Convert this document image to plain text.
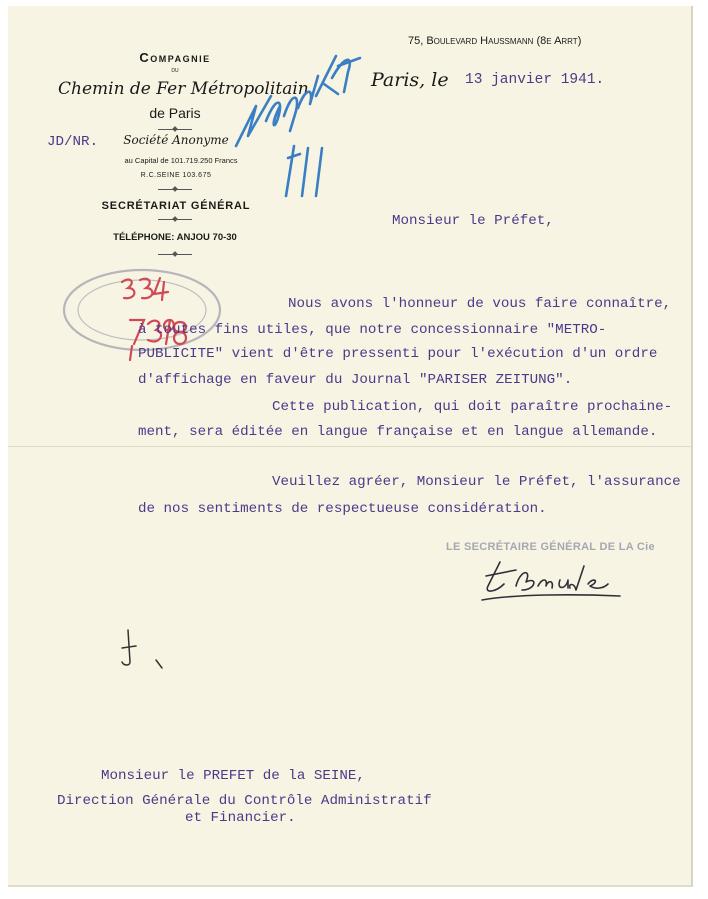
Compagnie
du
Chemin de Fer Métropolitain
de Paris
Société Anonyme
au Capital de 101.719.250 Francs
R.C.SEINE 103.675
SECRÉTARIAT GÉNÉRAL
TÉLÉPHONE: ANJOU 70-30
75, Boulevard Haussmann (8e Arrt)
Paris, le 13 janvier 1941.
JD/NR.
Monsieur le Préfet,
Nous avons l'honneur de vous faire connaître,
à toutes fins utiles, que notre concessionnaire "METRO-
PUBLICITE" vient d'être pressenti pour l'exécution d'un ordre
d'affichage en faveur du Journal "PARISER ZEITUNG".
Cette publication, qui doit paraître prochaine-
ment, sera éditée en langue française et en langue allemande.
Veuillez agréer, Monsieur le Préfet, l'assurance
de nos sentiments de respectueuse considération.
LE SECRÉTAIRE GÉNÉRAL DE LA Cie
Monsieur le PREFET de la SEINE,
Direction Générale du Contrôle Administratif
et Financier.
